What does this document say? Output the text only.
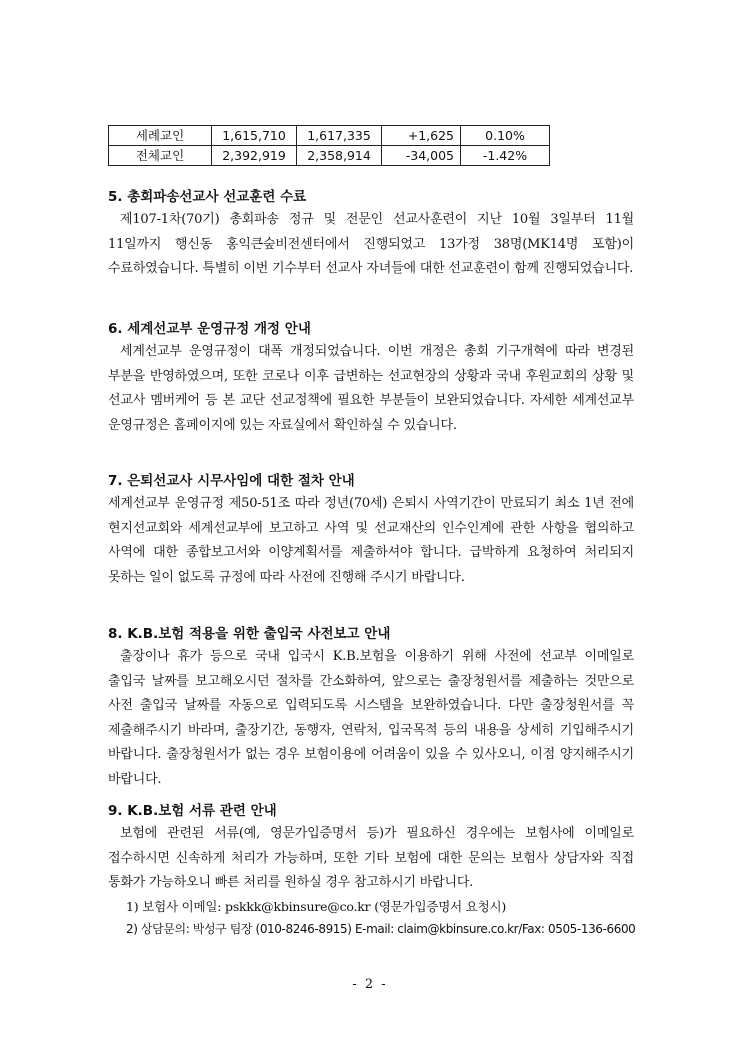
세례교인	1,615,710	1,617,335	+1,625	0.10%
전체교인	2,392,919	2,358,914	-34,005	-1.42%
5. 총회파송선교사 선교훈련 수료
제107-1차(70기) 총회파송 정규 및 전문인 선교사훈련이 지난 10월 3일부터 11월 11일까지 행신동 홍익큰숲비전센터에서 진행되었고 13가정 38명(MK14명 포함)이 수료하였습니다. 특별히 이번 기수부터 선교사 자녀들에 대한 선교훈련이 함께 진행되었습니다.
6. 세계선교부 운영규정 개정 안내
세계선교부 운영규정이 대폭 개정되었습니다. 이번 개정은 총회 기구개혁에 따라 변경된 부분을 반영하였으며, 또한 코로나 이후 급변하는 선교현장의 상황과 국내 후원교회의 상황 및 선교사 멤버케어 등 본 교단 선교정책에 필요한 부분들이 보완되었습니다. 자세한 세계선교부 운영규정은 홈페이지에 있는 자료실에서 확인하실 수 있습니다.
7. 은퇴선교사 시무사임에 대한 절차 안내
세계선교부 운영규정 제50-51조 따라 정년(70세) 은퇴시 사역기간이 만료되기 최소 1년 전에 현지선교회와 세계선교부에 보고하고 사역 및 선교재산의 인수인계에 관한 사항을 협의하고 사역에 대한 종합보고서와 이양계획서를 제출하셔야 합니다. 급박하게 요청하여 처리되지 못하는 일이 없도록 규정에 따라 사전에 진행해 주시기 바랍니다.
8. K.B.보험 적용을 위한 출입국 사전보고 안내
출장이나 휴가 등으로 국내 입국시 K.B.보험을 이용하기 위해 사전에 선교부 이메일로 출입국 날짜를 보고해오시던 절차를 간소화하여, 앞으로는 출장청원서를 제출하는 것만으로 사전 출입국 날짜를 자동으로 입력되도록 시스템을 보완하였습니다. 다만 출장청원서를 꼭 제출해주시기 바라며, 출장기간, 동행자, 연락처, 입국목적 등의 내용을 상세히 기입해주시기 바랍니다. 출장청원서가 없는 경우 보험이용에 어려움이 있을 수 있사오니, 이점 양지해주시기 바랍니다.
9. K.B.보험 서류 관련 안내
보험에 관련된 서류(예, 영문가입증명서 등)가 필요하신 경우에는 보험사에 이메일로 접수하시면 신속하게 처리가 가능하며, 또한 기타 보험에 대한 문의는 보험사 상담자와 직접 통화가 가능하오니 빠른 처리를 원하실 경우 참고하시기 바랍니다.
1) 보험사 이메일: pskkk@kbinsure@co.kr (영문가입증명서 요청시)
2) 상담문의: 박성구 팀장 (010-8246-8915) E-mail: claim@kbinsure.co.kr/Fax: 0505-136-6600
- 2 -
